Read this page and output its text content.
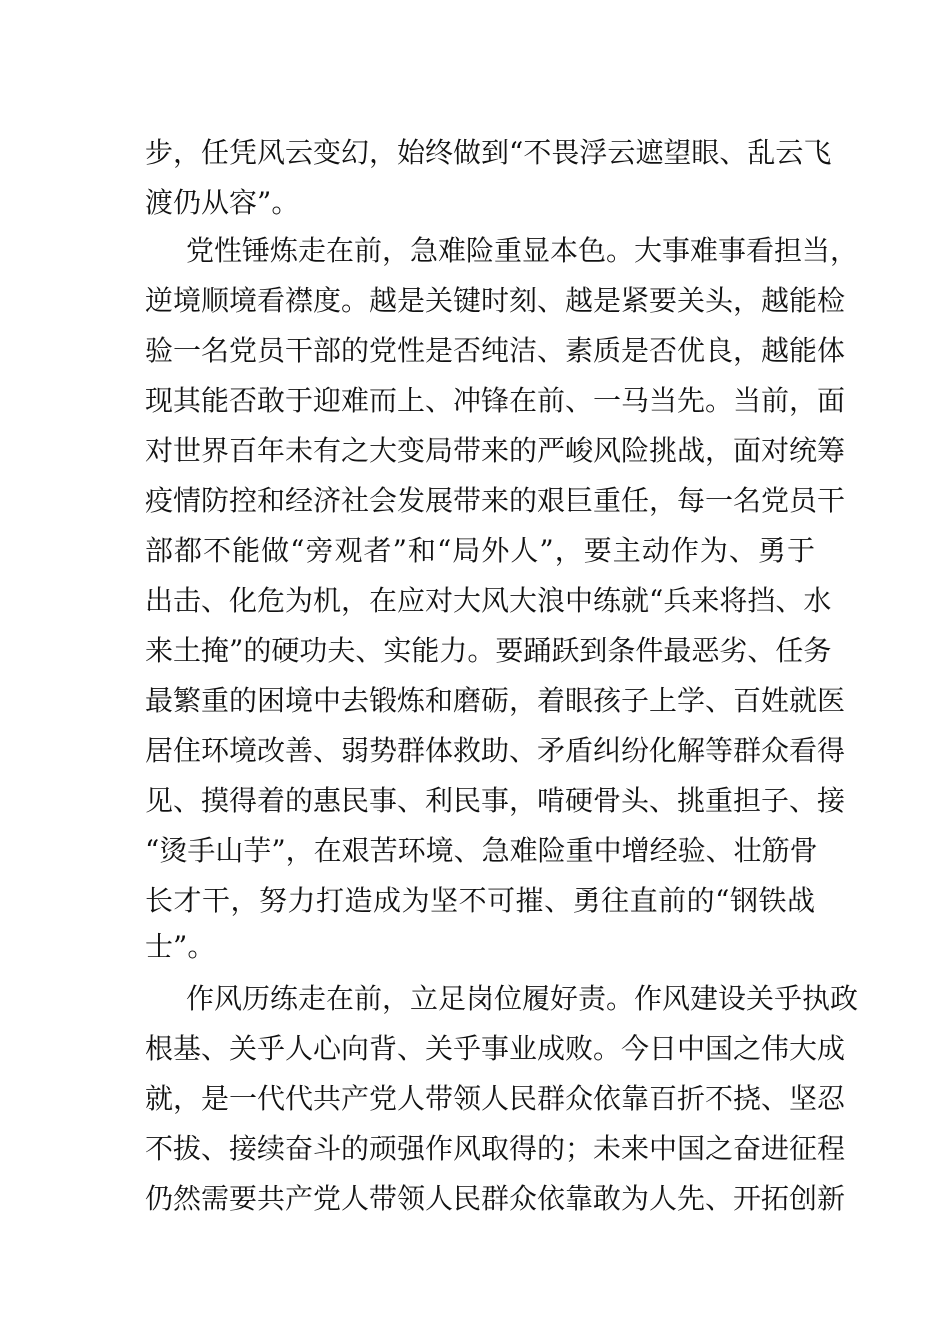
步，任凭风云变幻，始终做到“不畏浮云遮望眼、乱云飞
渡仍从容”。
党性锤炼走在前，急难险重显本色。大事难事看担当，
逆境顺境看襟度。越是关键时刻、越是紧要关头，越能检
验一名党员干部的党性是否纯洁、素质是否优良，越能体
现其能否敢于迎难而上、冲锋在前、一马当先。当前，面
对世界百年未有之大变局带来的严峻风险挑战，面对统筹
疫情防控和经济社会发展带来的艰巨重任，每一名党员干
部都不能做“旁观者”和“局外人”，要主动作为、勇于
出击、化危为机，在应对大风大浪中练就“兵来将挡、水
来土掩”的硬功夫、实能力。要踊跃到条件最恶劣、任务
最繁重的困境中去锻炼和磨砺，着眼孩子上学、百姓就医
居住环境改善、弱势群体救助、矛盾纠纷化解等群众看得
见、摸得着的惠民事、利民事，啃硬骨头、挑重担子、接
“烫手山芋”，在艰苦环境、急难险重中增经验、壮筋骨
长才干，努力打造成为坚不可摧、勇往直前的“钢铁战
士”。
作风历练走在前，立足岗位履好责。作风建设关乎执政
根基、关乎人心向背、关乎事业成败。今日中国之伟大成
就，是一代代共产党人带领人民群众依靠百折不挠、坚忍
不拔、接续奋斗的顽强作风取得的；未来中国之奋进征程
仍然需要共产党人带领人民群众依靠敢为人先、开拓创新
